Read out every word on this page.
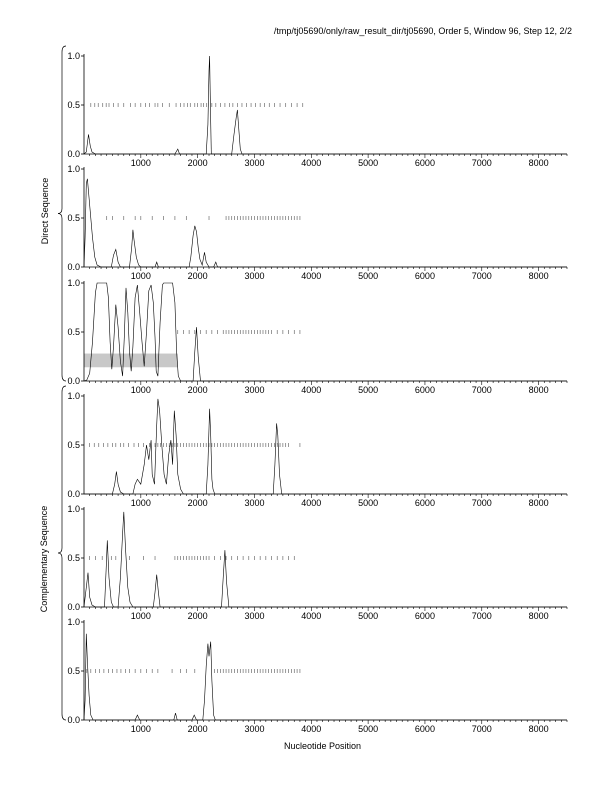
/tmp/tj05690/only/raw_result_dir/tj05690, Order 5, Window 96, Step 12, 2/2
Direct Sequence
Complementary Sequence
Nucleotide Position
0.0
0.5
1.0
1000	2000	3000	4000	5000	6000	7000	8000
0.0
0.5
1.0
1000	2000	3000	4000	5000	6000	7000	8000
0.0
0.5
1.0
1000	2000	3000	4000	5000	6000	7000	8000
0.0
0.5
1.0
1000	2000	3000	4000	5000	6000	7000	8000
0.0
0.5
1.0
1000	2000	3000	4000	5000	6000	7000	8000
0.0
0.5
1.0
1000	2000	3000	4000	5000	6000	7000	8000
